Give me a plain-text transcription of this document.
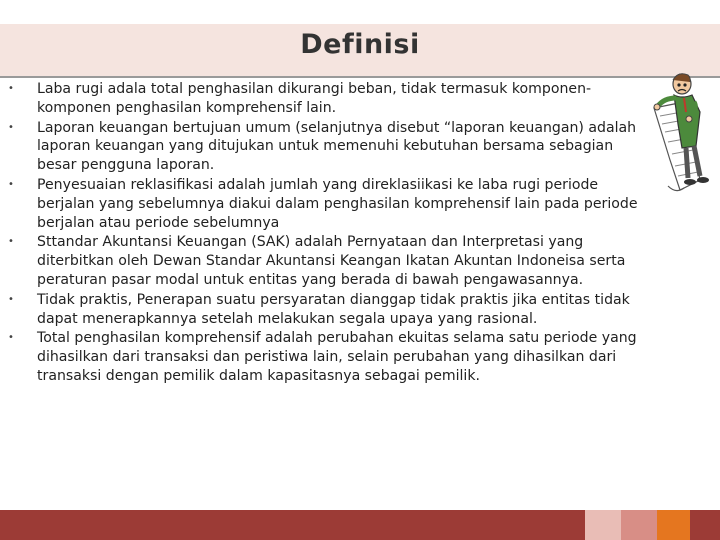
Definisi
• Laba rugi adala total penghasilan dikurangi beban, tidak termasuk komponen-komponen penghasilan komprehensif lain.
• Laporan keuangan bertujuan umum (selanjutnya disebut “laporan keuangan) adalah laporan keuangan yang ditujukan untuk memenuhi kebutuhan bersama sebagian besar pengguna laporan.
• Penyesuaian reklasifikasi adalah jumlah yang direklasiikasi ke laba rugi periode berjalan yang sebelumnya diakui dalam penghasilan komprehensif lain pada periode berjalan atau periode sebelumnya
• Sttandar Akuntansi Keuangan (SAK) adalah Pernyataan dan Interpretasi yang diterbitkan oleh Dewan Standar Akuntansi Keangan Ikatan Akuntan Indoneisa serta peraturan pasar modal untuk entitas yang berada di bawah pengawasannya.
• Tidak praktis, Penerapan suatu persyaratan dianggap tidak praktis jika entitas tidak dapat menerapkannya setelah melakukan segala upaya yang rasional.
• Total penghasilan komprehensif adalah perubahan ekuitas selama satu periode yang dihasilkan dari transaksi dan peristiwa lain, selain perubahan yang dihasilkan dari transaksi dengan pemilik dalam kapasitasnya sebagai pemilik.
